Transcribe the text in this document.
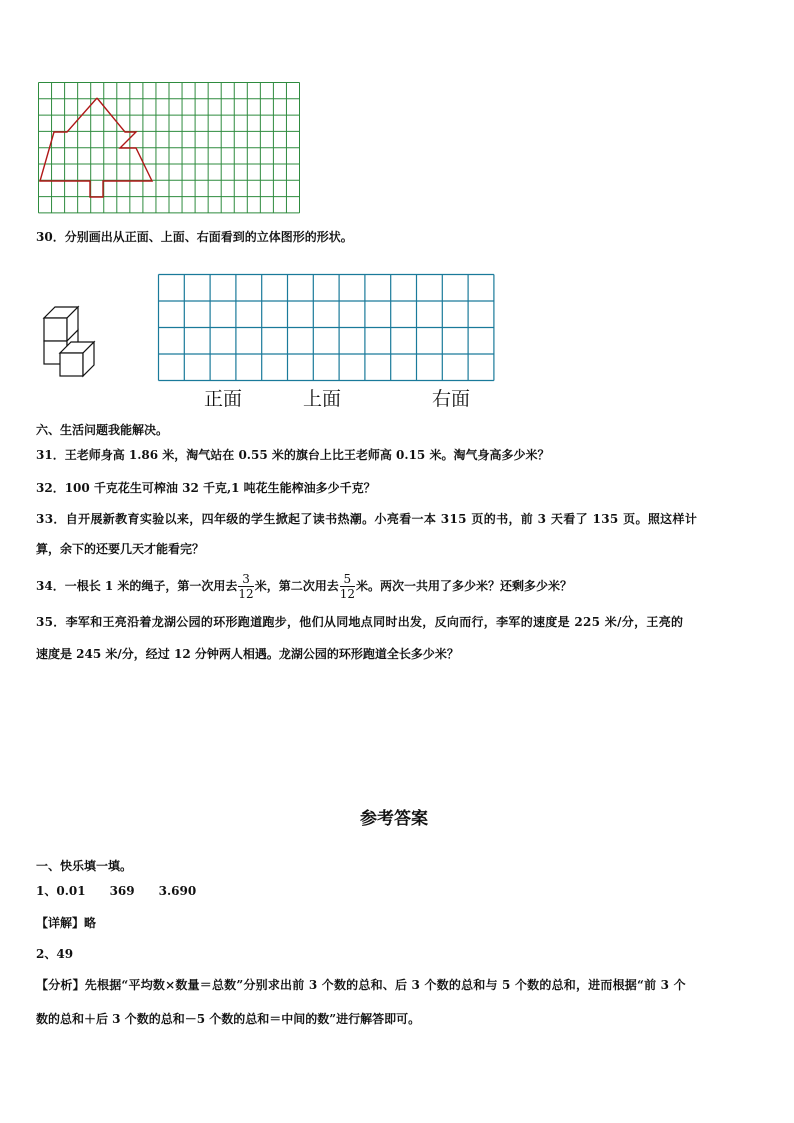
30．分别画出从正面、上面、右面看到的立体图形的形状。
正面	上面	右面
六、生活问题我能解决。
31．王老师身高 1.86 米，淘气站在 0.55 米的旗台上比王老师高 0.15 米。淘气身高多少米？
32．100 千克花生可榨油 32 千克,1 吨花生能榨油多少千克？
33．自开展新教育实验以来，四年级的学生掀起了读书热潮。小亮看一本 315 页的书，前 3 天看了 135 页。照这样计
算，余下的还要几天才能看完？
34．一根长 1 米的绳子，第一次用去 $\frac{3}{12}$ 米，第二次用去 $\frac{5}{12}$ 米。两次一共用了多少米？还剩多少米？
35．李军和王亮沿着龙湖公园的环形跑道跑步，他们从同地点同时出发，反向而行，李军的速度是 225 米/分，王亮的
速度是 245 米/分，经过 12 分钟两人相遇。龙湖公园的环形跑道全长多少米？
参考答案
一、快乐填一填。
1、0.01　　369　　3.690
【详解】略
2、49
【分析】先根据“平均数×数量＝总数”分别求出前 3 个数的总和、后 3 个数的总和与 5 个数的总和，进而根据“前 3 个
数的总和＋后 3 个数的总和－5 个数的总和＝中间的数”进行解答即可。
